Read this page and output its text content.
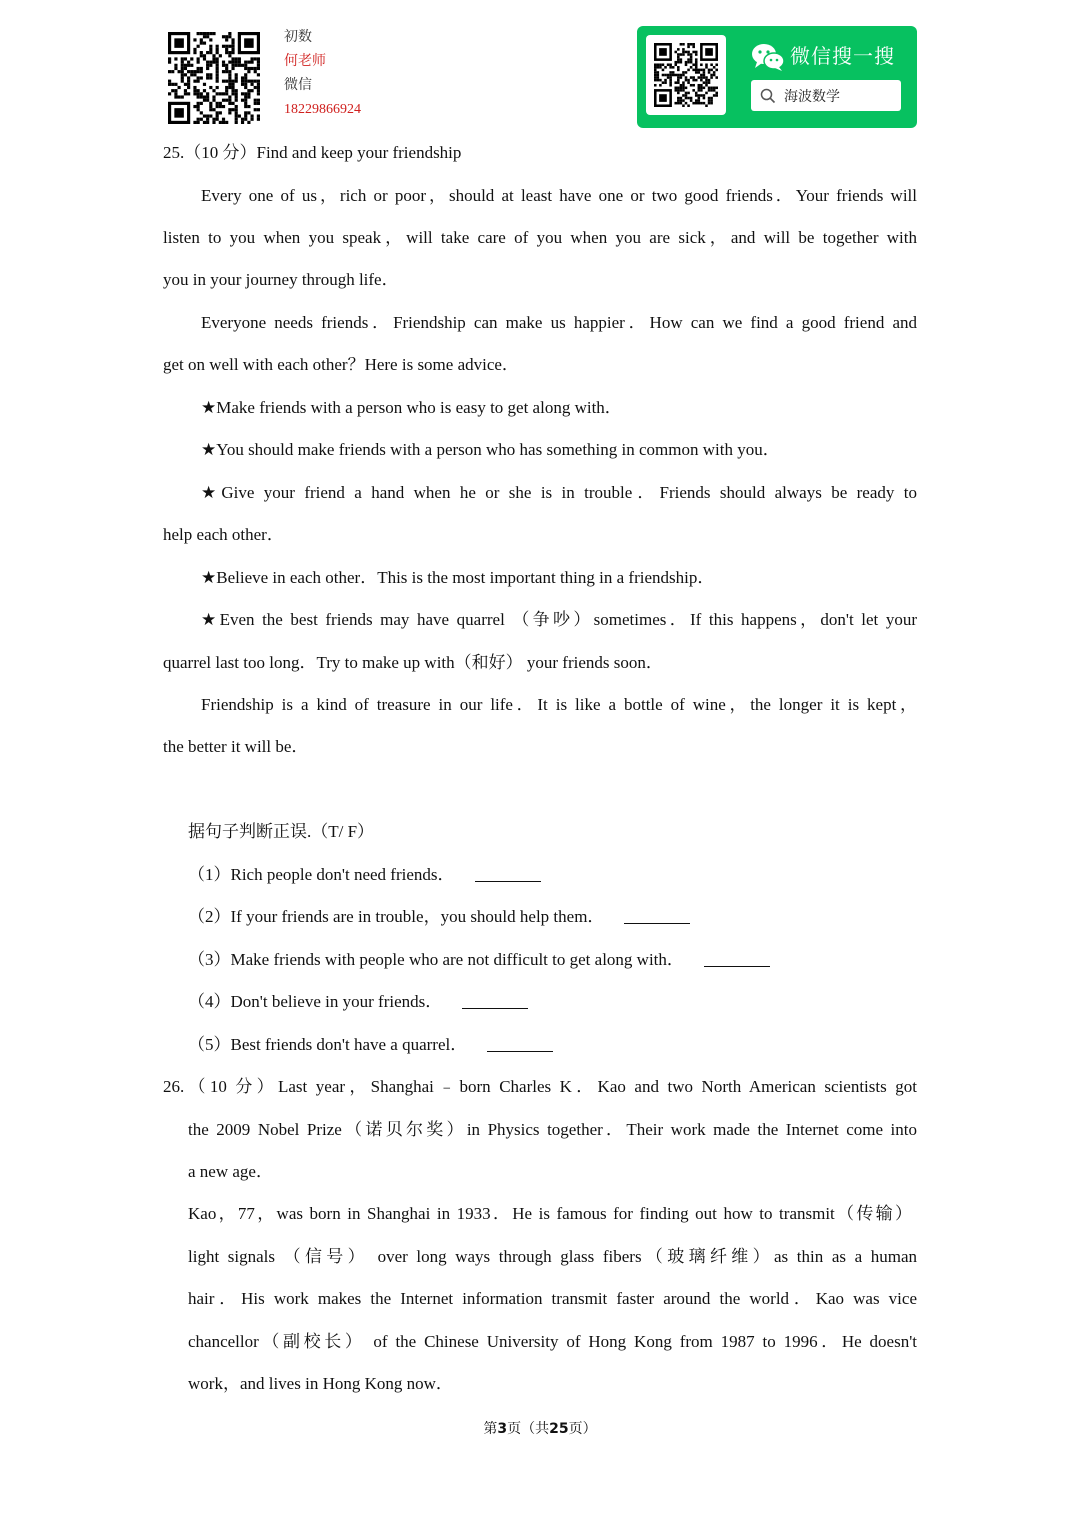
初数
何老师
微信
18229866924
微信搜一搜
海波数学
25.（10 分）Find and keep your friendship
Every one of us，rich or poor，should at least have one or two good friends．Your friends will
listen to you when you speak，will take care of you when you are sick，and will be together with
you in your journey through life．
Everyone needs friends．Friendship can make us happier．How can we find a good friend and
get on well with each other？Here is some advice．
★Make friends with a person who is easy to get along with．
★You should make friends with a person who has something in common with you．
★Give your friend a hand when he or she is in trouble．Friends should always be ready to
help each other．
★Believe in each other．This is the most important thing in a friendship．
★Even the best friends may have quarrel （争吵）sometimes．If this happens，don't let your
quarrel last too long．Try to make up with（和好） your friends soon．
Friendship is a kind of treasure in our life．It is like a bottle of wine，the longer it is kept，
the better it will be．
据句子判断正误.（T/ F）
（1）Rich people don't need friends．
（2）If your friends are in trouble，you should help them．
（3）Make friends with people who are not difficult to get along with．
（4）Don't believe in your friends．
（5）Best friends don't have a quarrel．
26.（10 分）Last year，Shanghai﹣born Charles K．Kao and two North American scientists got
the 2009 Nobel Prize（诺贝尔奖）in Physics together．Their work made the Internet come into
a new age．
Kao，77，was born in Shanghai in 1933．He is famous for finding out how to transmit（传输）
light signals （信号） over long ways through glass fibers（玻璃纤维）as thin as a human
hair．His work makes the Internet information transmit faster around the world．Kao was vice
chancellor（副校长） of the Chinese University of Hong Kong from 1987 to 1996．He doesn't
work，and lives in Hong Kong now．
第3页（共25页）
